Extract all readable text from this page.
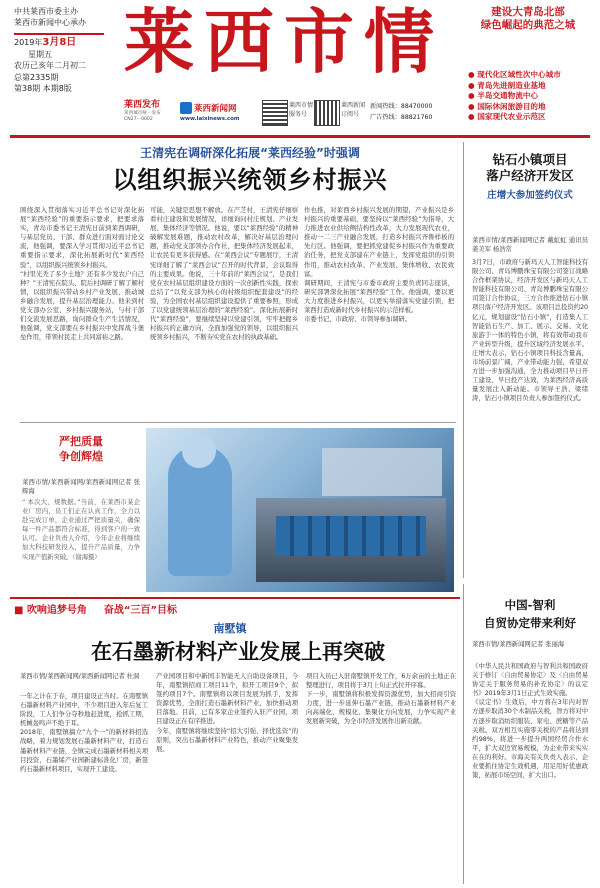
中共莱西市委主办
莱西市新闻中心承办
2019年3月8日
星期五
农历己亥年二月初二
总第2335期
第38期 本期8版
莱西市情
莱西发布
莱西城市统一发布
CN27－0002
莱西新闻网
www.laixinews.com
莱西市情
服务号
莱西新闻
订阅号
新闻热线：88470000
广告热线：88821760
建设大青岛北部
绿色崛起的典范之城
● 现代化区域性次中心城市
● 青岛先进制造业基地
● 半岛交通物流中心
● 国际休闲旅游目的地
● 国家现代农业示范区
王清宪在调研深化拓展“莱西经验”时强调
以组织振兴统领乡村振兴
围绕深入贯彻落实习近平总书记对深化拓展“莱西经验”的重要指示要求，把要求落实，青岛市委书记王清宪日前到莱西调研，与基层党员、干部、群众进行面对面讨论交流，他强调，要深入学习贯彻习近平总书记重要指示要求，深化拓展新时代“莱西经验”，以组织振兴统领乡村振兴。
“村里光秃了多少土地？还有多少发农户自己种？”王清宪在院头、院后村调研了解了解村情，以组织振兴带动乡村产业发展，推动城乡融合发展，提升基层治理能力。他来到村党支部办公室、乡村振兴服务站，与村干部们交流发展思路，询问群众生产生活情况，他强调，党支部要在乡村振兴中发挥战斗堡垒作用，带领村民走上共同富裕之路。
可能，关键是思想不解放。在产芝村，王清宪仔细察看村庄建设和发展情况，详细询问村庄规划、产业发展、集体经济等情况。他说，要以“莱西经验”的精神破解发展难题，推动农村改革，解决好基层治理问题，推动党支部领办合作社，把集体经济发展起来，让农民有更多获得感。在“莱西会议”专题展厅，王清宪详细了解了“莱西会议”召开的时代背景，会议取得的主要成果。他说，三十年前的“莱西会议”，是我们党在农村基层组织建设方面的一次创新性实践，探索总结了“以党支部为核心的村级组织配套建设”的经验，为全国农村基层组织建设提供了重要参照，形成了以党建统领基层治理的“莱西经验”。深化拓展新时代“莱西经验”，要继续坚持以党建引领，牢牢把握乡村振兴的正确方向，全面加强党的领导，以组织振兴统领乡村振兴，不断夯实党在农村的执政基础。
作也推，对莱西乡村振兴发展的期望，产业振兴是乡村振兴的重要基础，要坚持以“莱西经验”为指导，大力推进农业供给侧结构性改革，大力发展现代农业，推动一二三产业融合发展，打造乡村振兴齐鲁样板的先行区。他强调，要把抓党建促乡村振兴作为重要政治任务，把党支部建在产业链上，发挥党组织的引领作用，推动农村改革、产业发展、集体增收、农民致富。
调研期间，王清宪与市委市政府主要负责同志座谈，研究部署深化拓展“莱西经验”工作。他强调，要以更大力度推进乡村振兴，以更实举措落实党建引领，把莱西打造成新时代乡村振兴的示范样板。
市委书记、市政府、市领导参加调研。
钻石小镇项目
落户经济开发区
庄增大参加签约仪式
莱西市情/莱西新闻网记者 戴虹虹 通讯员 姜美军 杨浩常
3月7日，市政府与新玛天人工智能科技有限公司、青岛博鹏珠宝有限公司签订战略合作框架协议，经济开发区与新玛天人工智能科技有限公司、青岛博鹏珠宝有限公司签订合作协议，三方合作推进钻石小镇项目落户经济开发区。该项目总投资约20亿元，规划建设“钻石小镇”，打造集人工智能钻石生产、加工、展示、交易、文化旅游于一体的特色小镇，将有效带动我市产业转型升级，提升区域经济发展水平。庄增大表示，钻石小镇项目科技含量高，市场前景广阔，产业带动能力强，希望双方进一步加强沟通，全力推动项目早日开工建设、早日投产达效，为莱西经济高质量发展注入新动能。市领导王浩、梁绪涛，钻石小镇项目负责人参加签约仪式。
严把质量
争创辉煌
莱西市情/莱西新闻网/莱西新闻网记者 张辉海
“ 本次大、规数据。”当前，在莱西市某企业厂房内，员工们正在认真工作，全力以赴完成订单，企业通过严把质量关，确保每一件产品都符合标准，得到客户的一致认可。企业负责人介绍，今年企业将继续加大科技研发投入，提升产品质量，力争实现产值新突破。（谢海摄）
■ 吹响追梦号角 奋战“三百”目标
南墅镇
在石墨新材料产业发展上再突破
莱西市情/莱西新闻网/莱西新闻网记者 杜洞
一年之计在于春，项目建设正当时。在南墅镇石墨新材料产业园中，不少项目进入年后复工阶段，工人们争分夺秒地赶进度，抢抓工期，机械轰鸣声不绝于耳。
2018年，南墅镇搞立“九个一”的新材料招选战略，着力规划发展石墨新材料产业，打造石墨新材料产业链，全镇完成石墨新材料相关项目投资，石墨烯产业园新建标准化厂房，新签约石墨新材料项目，实现开工建设。
产业园项目和中新国丰智能无人自助设备项目，今年，南墅镇招商工项目11个，拟开工项目9个，拟签约项目7个。南墅镇将以项目发展为抓手，发挥资源优势，全面打造石墨新材料产业，加快推动项目落地。目前，已有多家企业签约入驻产业园，项目建设正在有序推进。
今年，南墅镇将继续坚持“招大引强、择优选资”的原则，突出石墨新材料产业特色，推动产业聚集发展。
项目入员已入驻南墅镇开发工作，6万余亩的土地正在整理进行，项目将于3月上旬正式拉开序幕。
下一步，南墅镇将积极发挥资源优势，加大招商引资力度，进一步延伸石墨产业链，推动石墨新材料产业向高端化、规模化、集聚化方向发展，力争实现产业发展新突破，为全市经济发展作出新贡献。
中国-智利
自贸协定带来利好
莱西市情/莱西新闻网记者 张丽海
《中华人民共和国政府与智利共和国政府关于修订〈自由贸易协定〉及〈自由贸易协定关于服务贸易的补充协定〉的议定书》2019年3月1日正式生效实施。
《议定书》生效后，中方将在3年内对智方逐步取消30个木制品关税，智方将对中方逐步取消纺织服装、家电、蔗糖等产品关税。双方相互实施零关税的产品将达到约98%，将进一步提升两国经贸合作水平，扩大双边贸易规模，为企业带来实实在在的利好。市海关有关负责人表示，企业要抓住协定生效机遇，用足用好优惠政策，拓展市场空间，扩大出口。
